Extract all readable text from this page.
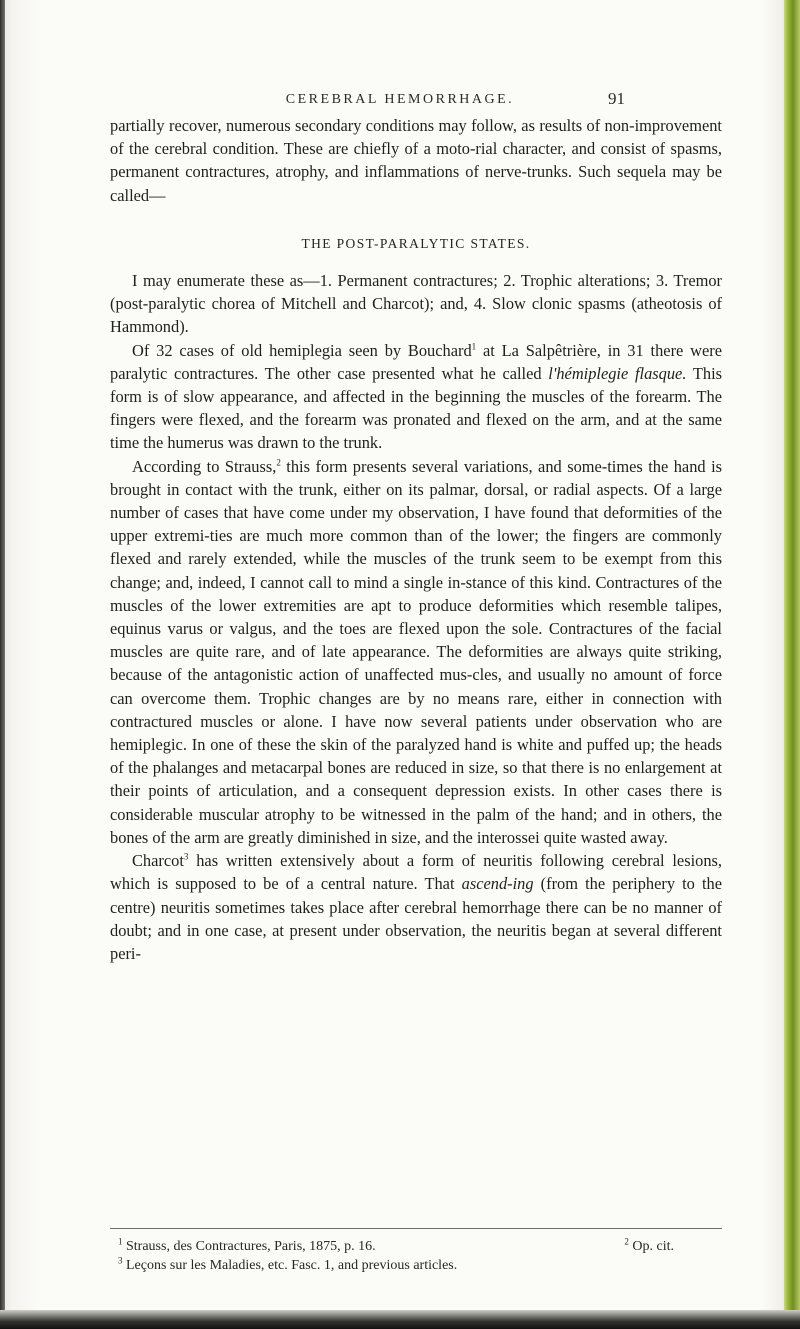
CEREBRAL HEMORRHAGE.	91

partially recover, numerous secondary conditions may follow, as results of non-improvement of the cerebral condition. These are chiefly of a moto-rial character, and consist of spasms, permanent contractures, atrophy, and inflammations of nerve-trunks. Such sequela may be called—

THE POST-PARALYTIC STATES.

I may enumerate these as—1. Permanent contractures; 2. Trophic alterations; 3. Tremor (post-paralytic chorea of Mitchell and Charcot); and, 4. Slow clonic spasms (atheotosis of Hammond).

Of 32 cases of old hemiplegia seen by Bouchard$^1$ at La Salpêtrière, in 31 there were paralytic contractures. The other case presented what he called l'hémiplegie flasque. This form is of slow appearance, and affected in the beginning the muscles of the forearm. The fingers were flexed, and the forearm was pronated and flexed on the arm, and at the same time the humerus was drawn to the trunk.

According to Strauss,$^2$ this form presents several variations, and some-times the hand is brought in contact with the trunk, either on its palmar, dorsal, or radial aspects. Of a large number of cases that have come under my observation, I have found that deformities of the upper extremi-ties are much more common than of the lower; the fingers are commonly flexed and rarely extended, while the muscles of the trunk seem to be exempt from this change; and, indeed, I cannot call to mind a single in-stance of this kind. Contractures of the muscles of the lower extremities are apt to produce deformities which resemble talipes, equinus varus or valgus, and the toes are flexed upon the sole. Contractures of the facial muscles are quite rare, and of late appearance. The deformities are always quite striking, because of the antagonistic action of unaffected mus-cles, and usually no amount of force can overcome them. Trophic changes are by no means rare, either in connection with contractured muscles or alone. I have now several patients under observation who are hemiplegic. In one of these the skin of the paralyzed hand is white and puffed up; the heads of the phalanges and metacarpal bones are reduced in size, so that there is no enlargement at their points of articulation, and a consequent depression exists. In other cases there is considerable muscular atrophy to be witnessed in the palm of the hand; and in others, the bones of the arm are greatly diminished in size, and the interossei quite wasted away.

Charcot$^3$ has written extensively about a form of neuritis following cerebral lesions, which is supposed to be of a central nature. That ascend-ing (from the periphery to the centre) neuritis sometimes takes place after cerebral hemorrhage there can be no manner of doubt; and in one case, at present under observation, the neuritis began at several different peri-

$^1$ Strauss, des Contractures, Paris, 1875, p. 16.	$^2$ Op. cit.
$^3$ Leçons sur les Maladies, etc. Fasc. 1, and previous articles.
